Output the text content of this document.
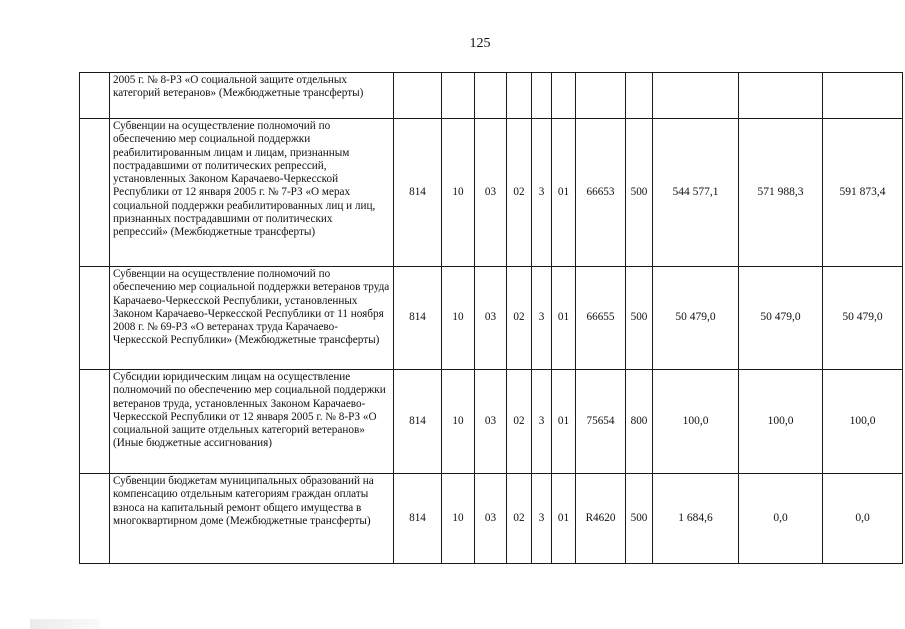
125
	2005 г. № 8-РЗ «О социальной защите отдельных категорий ветеранов» (Межбюджетные трансферты)											
	Субвенции на осуществление полномочий по обеспечению мер социальной поддержки реабилитированным лицам и лицам, признанным пострадавшими от политических репрессий, установленных Законом Карачаево-Черкесской Республики от 12 января 2005 г. № 7-РЗ «О мерах социальной поддержки реабилитированных лиц и лиц, признанных пострадавшими от политических репрессий» (Межбюджетные трансферты)	814	10	03	02	3	01	66653	500	544 577,1	571 988,3	591 873,4
	Субвенции на осуществление полномочий по обеспечению мер социальной поддержки ветеранов труда Карачаево-Черкесской Республики, установленных Законом Карачаево-Черкесской Республики от 11 ноября 2008 г. № 69-РЗ «О ветеранах труда Карачаево-Черкесской Республики» (Межбюджетные трансферты)	814	10	03	02	3	01	66655	500	50 479,0	50 479,0	50 479,0
	Субсидии юридическим лицам на осуществление полномочий по обеспечению мер социальной поддержки ветеранов труда, установленных Законом Карачаево-Черкесской Республики от 12 января 2005 г. № 8-РЗ «О социальной защите отдельных категорий ветеранов» (Иные бюджетные ассигнования)	814	10	03	02	3	01	75654	800	100,0	100,0	100,0
	Субвенции бюджетам муниципальных образований на компенсацию отдельным категориям граждан оплаты взноса на капитальный ремонт общего имущества в многоквартирном доме (Межбюджетные трансферты)	814	10	03	02	3	01	R4620	500	1 684,6	0,0	0,0
